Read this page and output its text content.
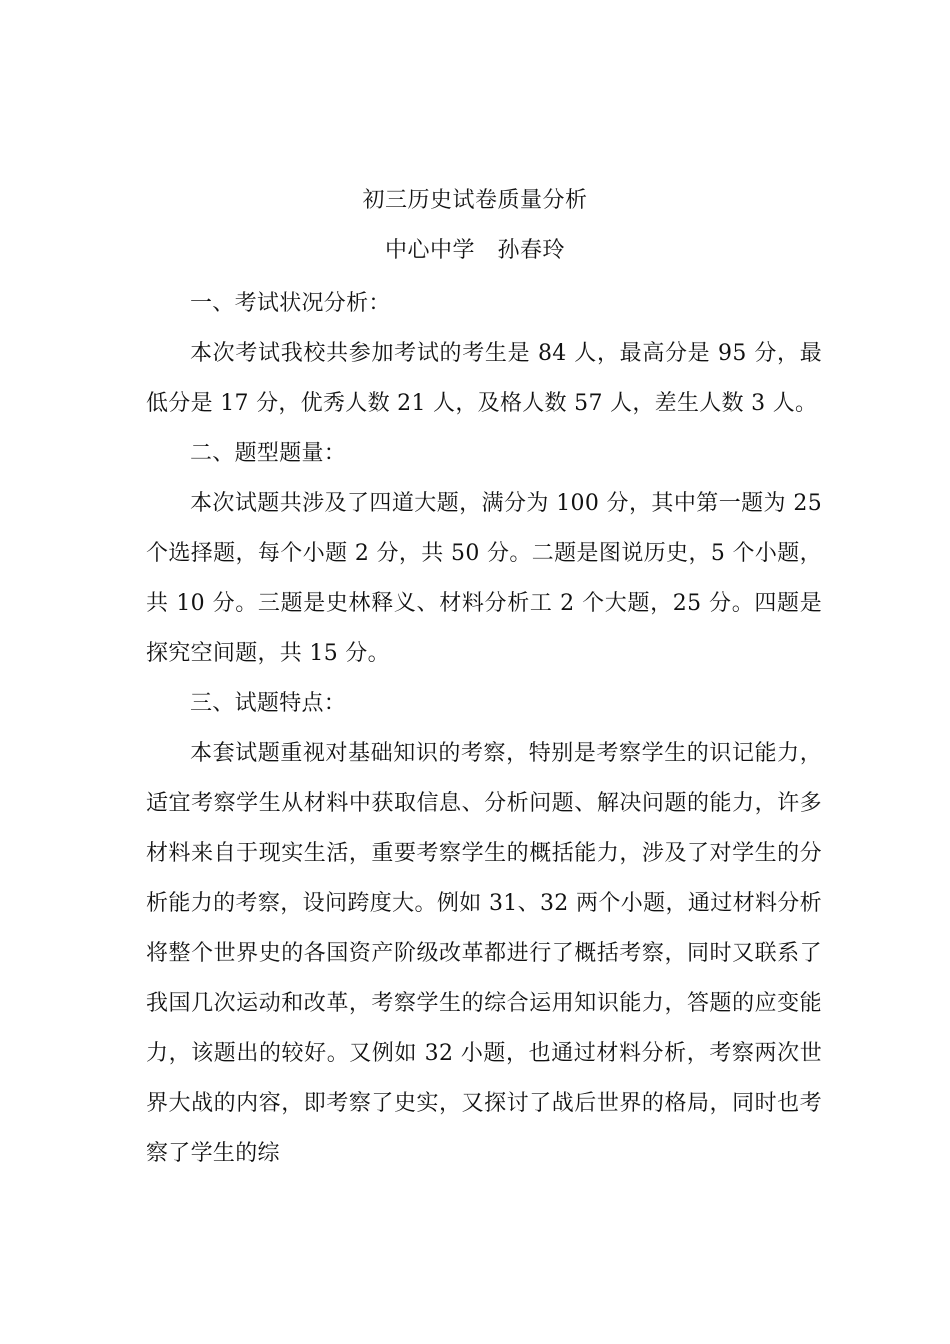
初三历史试卷质量分析
中心中学　孙春玲

一、考试状况分析：

本次考试我校共参加考试的考生是 84 人，最高分是 95 分，最低分是 17 分，优秀人数 21 人，及格人数 57 人，差生人数 3 人。

二、题型题量：

本次试题共涉及了四道大题，满分为 100 分，其中第一题为 25 个选择题，每个小题 2 分，共 50 分。二题是图说历史，5 个小题，共 10 分。三题是史林释义、材料分析工 2 个大题，25 分。四题是探究空间题，共 15 分。

三、试题特点：

本套试题重视对基础知识的考察，特别是考察学生的识记能力，适宜考察学生从材料中获取信息、分析问题、解决问题的能力，许多材料来自于现实生活，重要考察学生的概括能力，涉及了对学生的分析能力的考察，设问跨度大。例如 31、32 两个小题，通过材料分析将整个世界史的各国资产阶级改革都进行了概括考察，同时又联系了我国几次运动和改革，考察学生的综合运用知识能力，答题的应变能力，该题出的较好。又例如 32 小题，也通过材料分析，考察两次世界大战的内容，即考察了史实，又探讨了战后世界的格局，同时也考察了学生的综
